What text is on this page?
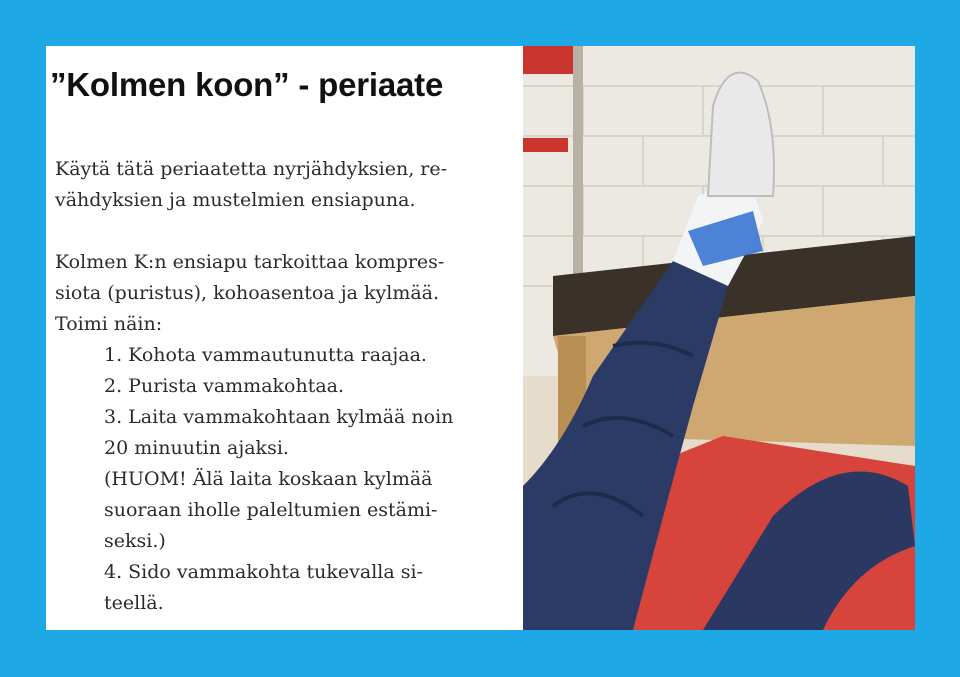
”Kolmen koon” - periaate

Käytä tätä periaatetta nyrjähdyksien, re-
vähdyksien ja mustelmien ensiapuna.

Kolmen K:n ensiapu tarkoittaa kompres-
siota (puristus), kohoasentoa ja kylmää.
Toimi näin:

1. Kohota vammautunutta raajaa.
2. Purista vammakohtaa.
3. Laita vammakohtaan kylmää noin
20 minuutin ajaksi.
(HUOM! Älä laita koskaan kylmää
suoraan iholle paleltumien estämi-
seksi.)
4. Sido vammakohta tukevalla si-
teellä.
